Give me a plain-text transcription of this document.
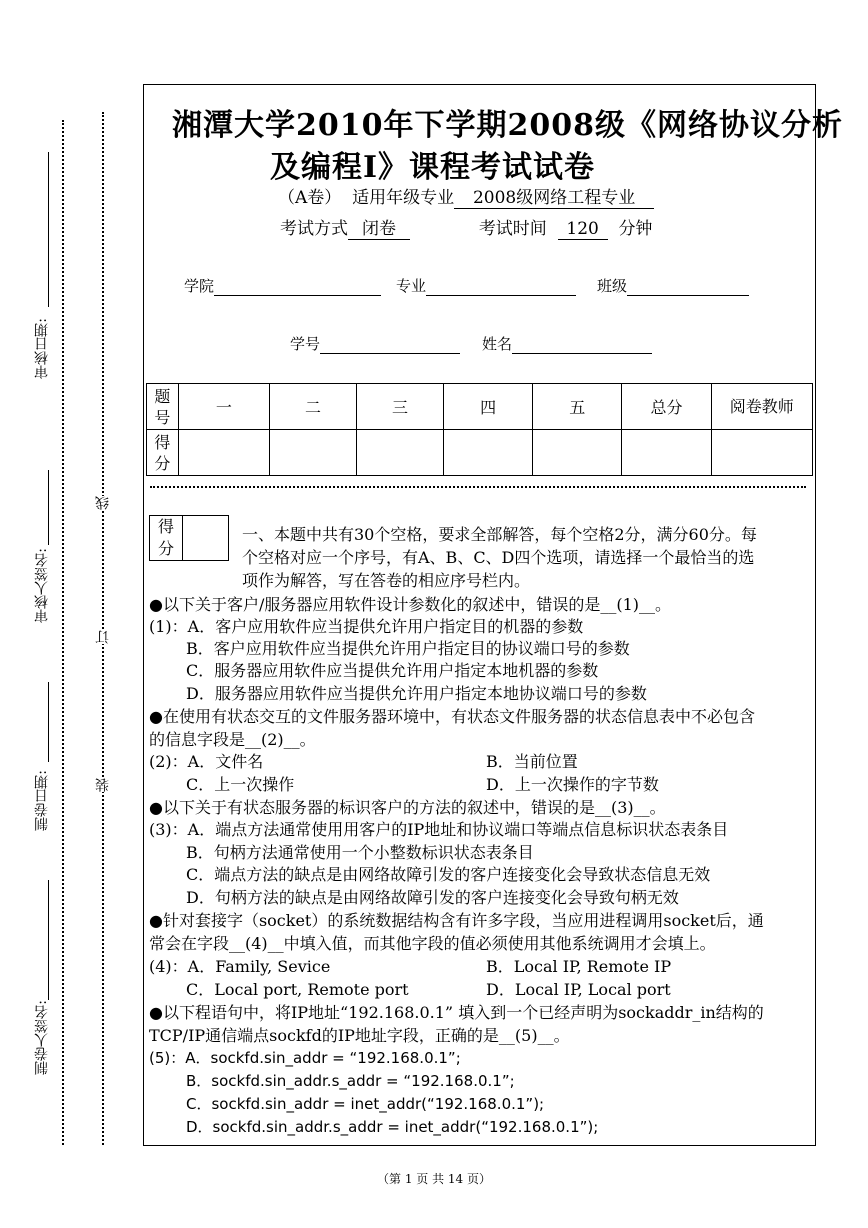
审核日期:
审核人签名:
制卷日期:
制卷人签名:
线
订
装
湘潭大学2010年下学期2008级《网络协议分析
及编程Ⅰ》课程考试试卷
（A卷） 适用年级专业 2008级网络工程专业
考试方式 闭卷	考试时间 120 分钟
学院	专业	班级
学号	姓名
题号	一	二	三	四	五	总分	阅卷教师
得分							
得分
一、本题中共有30个空格，要求全部解答，每个空格2分，满分60分。每
个空格对应一个序号，有A、B、C、D四个选项，请选择一个最恰当的选
项作为解答，写在答卷的相应序号栏内。
●以下关于客户/服务器应用软件设计参数化的叙述中，错误的是__(1)__。
(1)：A．客户应用软件应当提供允许用户指定目的机器的参数
B．客户应用软件应当提供允许用户指定目的协议端口号的参数
C．服务器应用软件应当提供允许用户指定本地机器的参数
D．服务器应用软件应当提供允许用户指定本地协议端口号的参数
●在使用有状态交互的文件服务器环境中，有状态文件服务器的状态信息表中不必包含
的信息字段是__(2)__。
(2)：A．文件名	B．当前位置
C．上一次操作	D．上一次操作的字节数
●以下关于有状态服务器的标识客户的方法的叙述中，错误的是__(3)__。
(3)：A．端点方法通常使用用客户的IP地址和协议端口等端点信息标识状态表条目
B．句柄方法通常使用一个小整数标识状态表条目
C．端点方法的缺点是由网络故障引发的客户连接变化会导致状态信息无效
D．句柄方法的缺点是由网络故障引发的客户连接变化会导致句柄无效
●针对套接字（socket）的系统数据结构含有许多字段，当应用进程调用socket后，通
常会在字段__(4)__中填入值，而其他字段的值必须使用其他系统调用才会填上。
(4)：A．Family, Sevice	B．Local IP, Remote IP
C．Local port, Remote port	D．Local IP, Local port
●以下程语句中，将IP地址“192.168.0.1” 填入到一个已经声明为sockaddr_in结构的
TCP/IP通信端点sockfd的IP地址字段，正确的是__(5)__。
(5)：A．sockfd.sin_addr = “192.168.0.1”;
B．sockfd.sin_addr.s_addr = “192.168.0.1”;
C．sockfd.sin_addr = inet_addr(“192.168.0.1”);
D．sockfd.sin_addr.s_addr = inet_addr(“192.168.0.1”);
（第 1 页 共 14 页）
